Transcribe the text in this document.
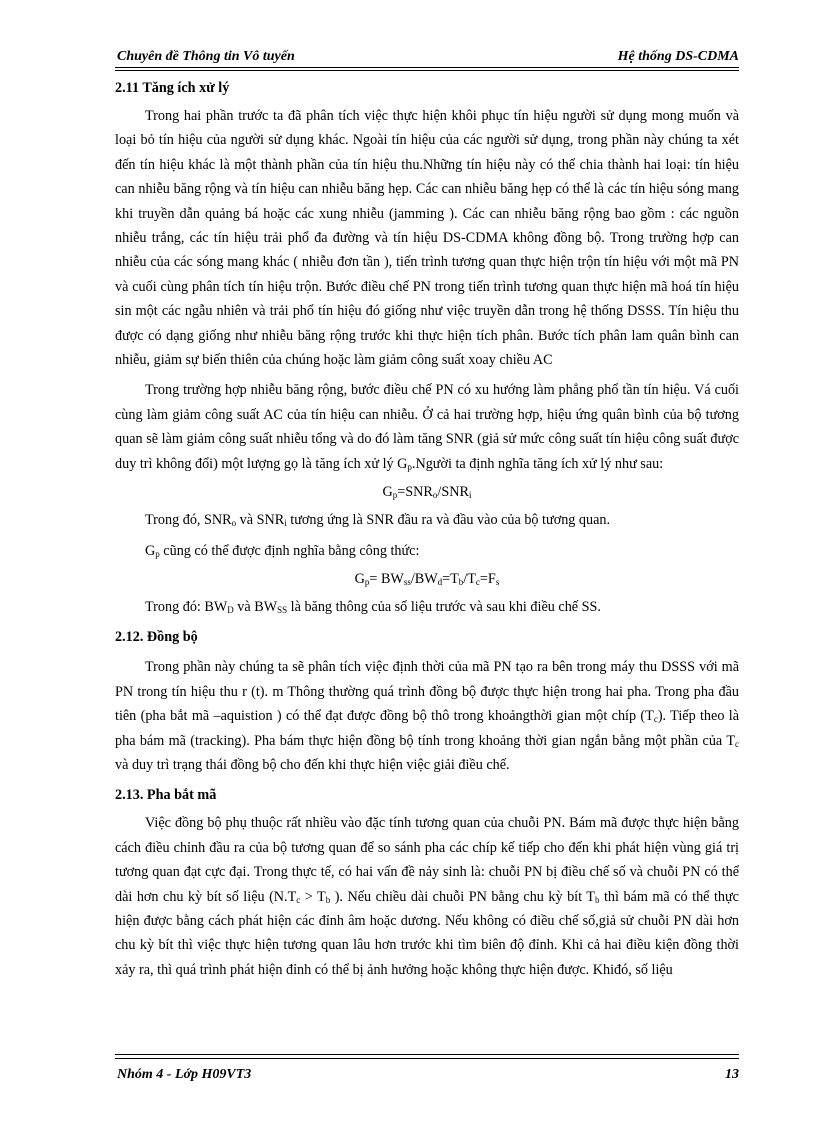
Chuyên đề Thông tin Vô tuyến	Hệ thống DS-CDMA

2.11 Tăng ích xử lý

Trong hai phần trước ta đã phân tích việc thực hiện khôi phục tín hiệu người sử dụng mong muốn và loại bỏ tín hiệu của người sử dụng khác. Ngoài tín hiệu của các người sử dụng, trong phần này chúng ta xét đến tín hiệu khác là một thành phần của tín hiệu thu.Những tín hiệu này có thể chia thành hai loại: tín hiệu can nhiễu băng rộng và tín hiệu can nhiễu băng hẹp. Các can nhiễu băng hẹp có thể là các tín hiệu sóng mang khi truyền dẫn quảng bá hoặc các xung nhiễu (jamming ). Các can nhiễu băng rộng bao gồm : các nguồn nhiễu trắng, các tín hiệu trải phổ đa đường và tín hiệu DS-CDMA không đồng bộ. Trong trường hợp can nhiễu của các sóng mang khác ( nhiễu đơn tần ), tiến trình tương quan thực hiện trộn tín hiệu với một mã PN và cuối cùng phân tích tín hiệu trộn. Bước điều chế PN trong tiến trình tương quan thực hiện mã hoá tín hiệu sin một các ngẫu nhiên và trải phổ tín hiệu đó giống như việc truyền dẫn trong hệ thống DSSS. Tín hiệu thu được có dạng giống như nhiễu băng rộng trước khi thực hiện tích phân. Bước tích phân lam quân bình can nhiễu, giảm sự biến thiên của chúng hoặc làm giảm công suất xoay chiều AC

Trong trường hợp nhiễu băng rộng, bước điều chế PN có xu hướng làm phẳng phổ tần tín hiệu. Vá cuối cùng làm giảm công suất AC của tín hiệu can nhiễu. Ở cả hai trường hợp, hiệu ứng quân bình của bộ tương quan sẽ làm giảm công suất nhiễu tổng và do đó làm tăng SNR (giả sử mức công suất tín hiệu công suất được duy trì không đổi) một lượng gọ là tăng ích xử lý $G_p.Người$ ta định nghĩa tăng ích xử lý như sau:

$G_p=SNR_o/SNR_i$

Trong đó, $SNR_o$ và $SNR_i$ tương ứng là SNR đầu ra và đầu vào của bộ tương quan.

$G_p$ cũng có thể được định nghĩa bằng công thức:

$G_p= BW_{ss}/BW_d=T_b/T_c=F_s$

Trong đó: $BW_D$ và $BW_{SS}$ là băng thông của số liệu trước và sau khi điều chế SS.

2.12. Đồng bộ

Trong phần này chúng ta sẽ phân tích việc định thời của mã PN tạo ra bên trong máy thu DSSS với mã PN trong tín hiệu thu r (t). m Thông thường quá trình đồng bộ được thực hiện trong hai pha. Trong pha đầu tiên (pha bắt mã –aquistion ) có thể đạt được đồng bộ thô trong khoảngthời gian một chíp $(T_c)$. Tiếp theo là pha bám mã (tracking). Pha bám thực hiện đồng bộ tính trong khoảng thời gian ngắn bằng một phần của $T_c$ và duy trì trạng thái đồng bộ cho đến khi thực hiện việc giải điều chế.

2.13. Pha bắt mã

Việc đồng bộ phụ thuộc rất nhiều vào đặc tính tương quan của chuỗi PN. Bám mã được thực hiện bằng cách điều chỉnh đầu ra của bộ tương quan để so sánh pha các chíp kế tiếp cho đến khi phát hiện vùng giá trị tương quan đạt cực đại. Trong thực tế, có hai vấn đề nảy sinh là: chuỗi PN bị điều chế số và chuỗi PN có thể dài hơn chu kỳ bít số liệu ($N.T_c > T_b$ ). Nếu chiều dài chuỗi PN bằng chu kỳ bít $T_b$ thì bám mã có thể thực hiện được bằng cách phát hiện các đỉnh âm hoặc dương. Nếu không có điều chế số,giả sử chuỗi PN dài hơn chu kỳ bít thì việc thực hiện tương quan lâu hơn trước khi tìm biên độ đỉnh. Khi cả hai điều kiện đồng thời xảy ra, thì quá trình phát hiện đỉnh có thể bị ảnh hưởng hoặc không thực hiện được. Khiđó, số liệu

Nhóm 4 - Lớp H09VT3	13
